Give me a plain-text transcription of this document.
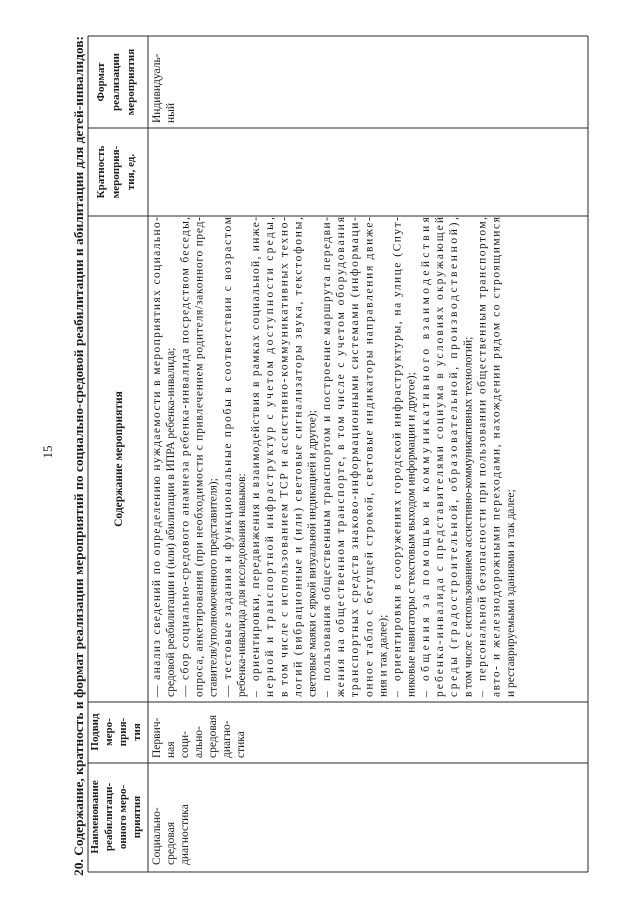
15 20. Содержание, кратность и формат реализации мероприятий по социально-средовой реабилитации и абилитации для детей-инвалидов: Наименование реабилитаци- онного меро- приятия
Подвид меро- прия- тия
Содержание мероприятия
Кратность мероприя- тия, ед.
Формат реализации мероприятия
Социально- средовая диагностика
Первич- ная соци- ально- средовая диагно- стика
— анализ сведений по определению нуждаемости в мероприятиях социально-
средовой реабилитации и (или) абилитации в ИПРА ребенка-инвалида; — сбор социально-средового анамнеза ребенка-инвалида посредством беседы,
опроса, анкетирования (при необходимости с привлечением родителя/законного пред-
ставителя/уполномоченного представителя); — тестовые задания и функциональные пробы в соответствии с возрастом
ребенка-инвалида для исследования навыков: –
ориентировки, передвижения и взаимодействия в рамках социальной, инже-
нерной и транспортной инфраструктур с учетом доступности среды,
в том числе с использованием ТСР и ассистивно-коммуникативных техно-
логий (вибрационные и (или) световые сигнализаторы звука, текстофоны,
световые маяки с яркой визуальной индикацией и другое); –
пользования общественным транспортом и построение маршрута передви-
жения на общественном транспорте, в том числе с учетом оборудования
транспортных средств знаково-информационными системами (информаци-
онное табло с бегущей строкой, световые индикаторы направления движе-
ния и так далее); –
ориентировки в сооружениях городской инфраструктуры, на улице (Спут-
никовые навигаторы с текстовым выходом информации и другое); –
общения за помощью и коммуникативного взаимодействия
ребенка-инвалида с представителями социума в условиях окружающей
среды (градостроительной, образовательной, производственной),
в том числе с использованием ассистивно-коммуникативных технологий; –
персональной безопасности при пользовании общественным транспортом,
авто- и железнодорожными переходами, нахождении рядом со строящимися
и реставрируемыми зданиями и так далее;
Индивидуаль- ный
